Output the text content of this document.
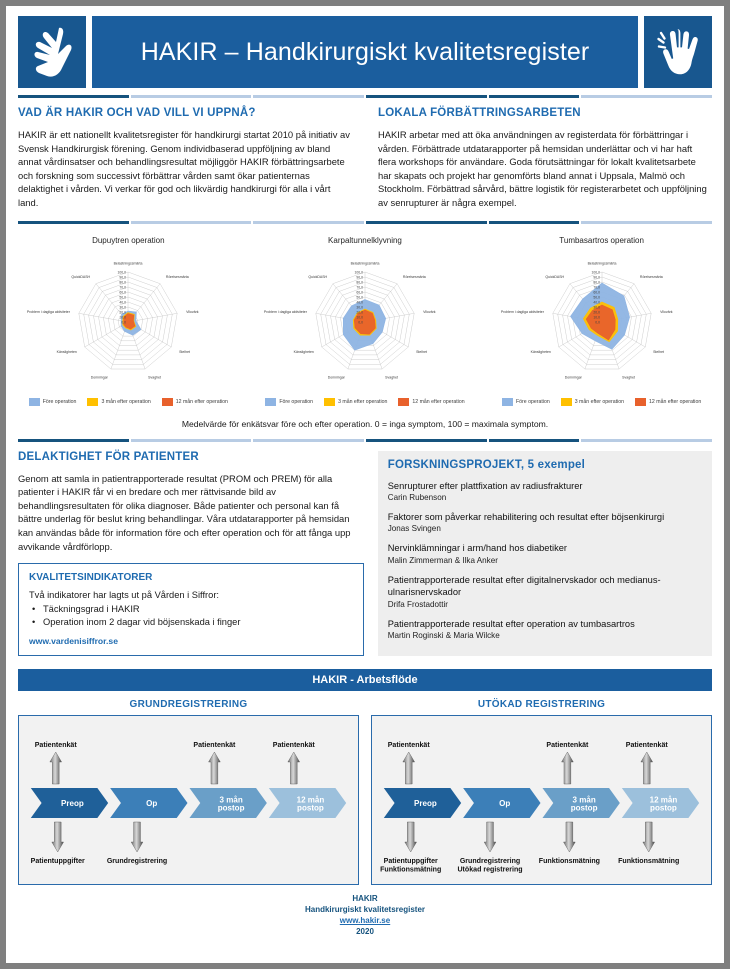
HAKIR – Handkirurgiskt kvalitetsregister
VAD ÄR HAKIR OCH VAD VILL VI UPPNÅ?
HAKIR är ett nationellt kvalitetsregister för handkirurgi startat 2010 på initiativ av Svensk Handkirurgisk förening. Genom individbaserad uppföljning av bland annat vårdinsatser och behandlingsresultat möjliggör HAKIR förbättringsarbete och forskning som successivt förbättrar vården samt ökar patienternas delaktighet i vården. Vi verkar för god och likvärdig handkirurgi för alla i vårt land.
LOKALA FÖRBÄTTRINGSARBETEN
HAKIR arbetar med att öka användningen av registerdata för förbättringar i vården. Förbättrade utdatarapporter på hemsidan underlättar och vi har haft flera workshops för användare. Goda förutsättningar för lokalt kvalitetsarbete har skapats och projekt har genomförts bland annat i Uppsala, Malmö och Stockholm. Förbättrad sårvård, bättre logistik för registerarbetet och uppföljning av senrupturer är några exempel.
Dupuytren operation
0,0
10,0
20,0
30,0
40,0
50,0
60,0
70,0
80,0
90,0
100,0
Belastningssmärta
Rörelsesmärta
Vilovärk
Stelhet
Svaghet
Domningar
Känsligheten
Problem i dagliga aktiviteter
QuickDASH
Före operation	3 mån efter operation	12 mån efter operation
Karpaltunnelklyvning
0,0
10,0
20,0
30,0
40,0
50,0
60,0
70,0
80,0
90,0
100,0
Belastningssmärta
Rörelsesmärta
Vilovärk
Stelhet
Svaghet
Domningar
Känsligheten
Problem i dagliga aktiviteter
QuickDASH
Före operation	3 mån efter operation	12 mån efter operation
Tumbasartros operation
0,0
10,0
20,0
30,0
40,0
50,0
60,0
70,0
80,0
90,0
100,0
Belastningssmärta
Rörelsesmärta
Vilovärk
Stelhet
Svaghet
Domningar
Känsligheten
Problem i dagliga aktiviteter
QuickDASH
Före operation	3 mån efter operation	12 mån efter operation
Medelvärde för enkätsvar före och efter operation. 0 = inga symptom, 100 = maximala symptom.
DELAKTIGHET FÖR PATIENTER
Genom att samla in patientrapporterade resultat (PROM och PREM) för alla patienter i HAKIR får vi en bredare och mer rättvisande bild av behandlingsresultaten för olika diagnoser. Både patienter och personal kan få bättre underlag för beslut kring behandlingar. Våra utdatarapporter på hemsidan kan användas både för information före och efter operation och för att fånga upp avvikande vårdförlopp.
KVALITETSINDIKATORER
Två indikatorer har lagts ut på Vården i Siffror:
• Täckningsgrad i HAKIR
• Operation inom 2 dagar vid böjsenskada i finger
www.vardenisiffror.se
FORSKNINGSPROJEKT, 5 exempel
Senrupturer efter plattfixation av radiusfrakturer
Carin Rubenson
Faktorer som påverkar rehabilitering och resultat efter böjsenkirurgi
Jonas Svingen
Nervinklämningar i arm/hand hos diabetiker
Malin Zimmerman & Ilka Anker
Patientrapporterade resultat efter digitalnervskador och medianus-ulnarisnervskador
Drifa Frostadottir
Patientrapporterade resultat efter operation av tumbasartros
Martin Roginski & Maria Wilcke
HAKIR - Arbetsflöde
GRUNDREGISTRERING
Preop
Patientenkät
Patientuppgifter
Op
Grundregistrering
3 mån
postop
Patientenkät
12 mån
postop
Patientenkät
UTÖKAD REGISTRERING
Preop
Patientenkät
Patientuppgifter
Funktionsmätning
Op
Grundregistrering
Utökad registrering
3 mån
postop
Patientenkät
Funktionsmätning
12 mån
postop
Patientenkät
Funktionsmätning
HAKIR
Handkirurgiskt kvalitetsregister
www.hakir.se
2020
